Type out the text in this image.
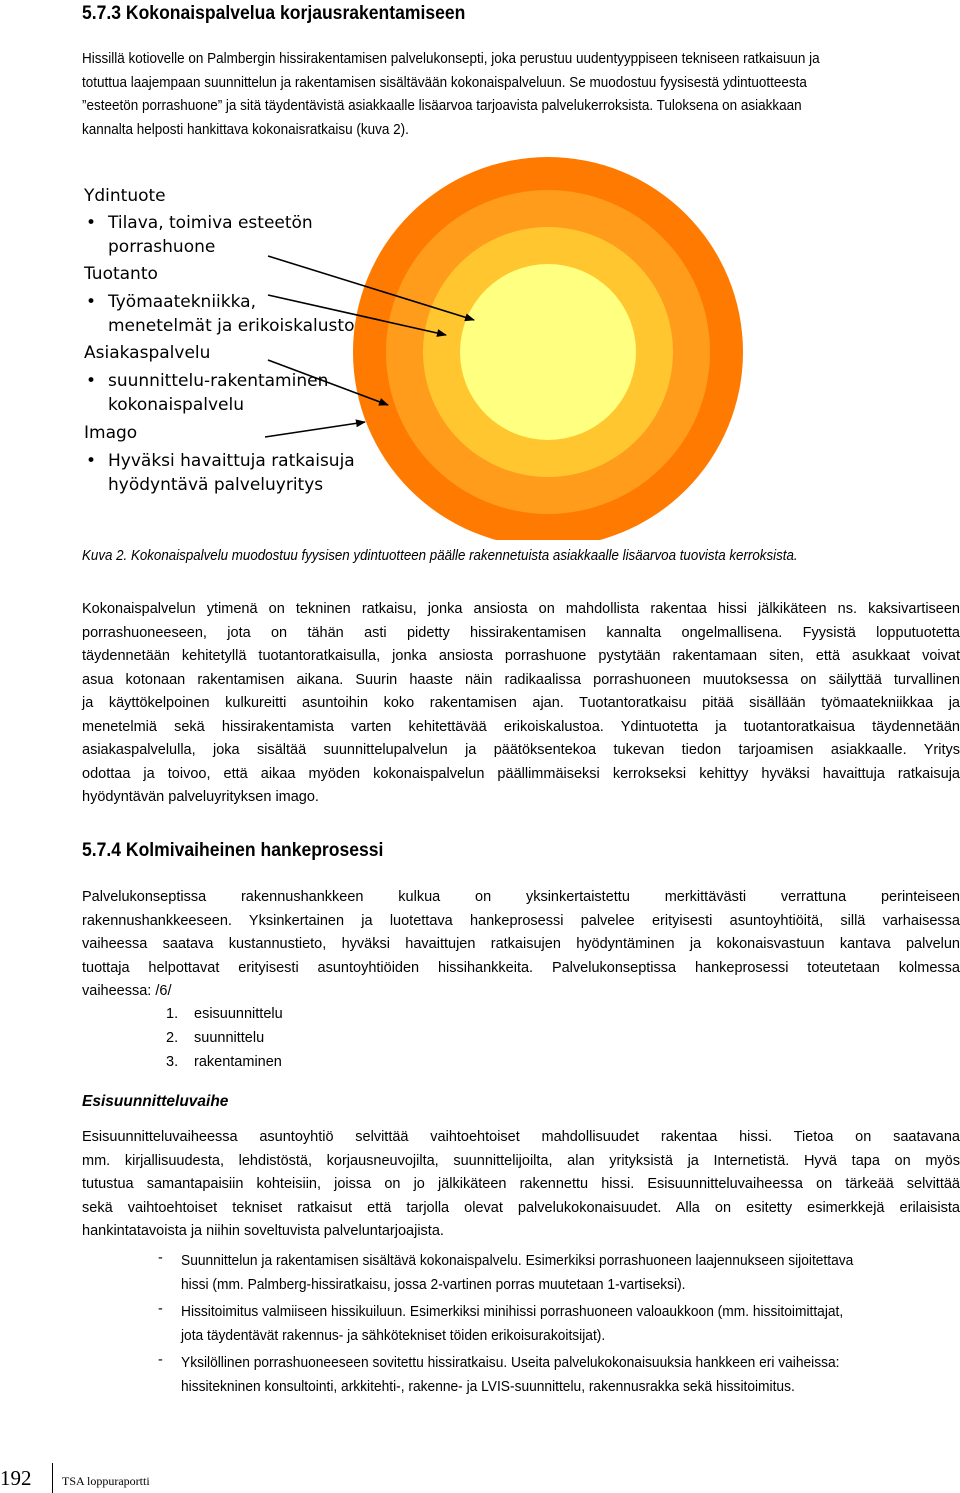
5.7.3 Kokonaispalvelua korjausrakentamiseen
Hissillä kotiovelle on Palmbergin hissirakentamisen palvelukonsepti, joka perustuu uudentyyppiseen tekniseen ratkaisuun ja
totuttua laajempaan suunnittelun ja rakentamisen sisältävään kokonaispalveluun. Se muodostuu fyysisestä ydintuotteesta
”esteetön porrashuone” ja sitä täydentävistä asiakkaalle lisäarvoa tarjoavista palvelukerroksista. Tuloksena on asiakkaan
kannalta helposti hankittava kokonaisratkaisu (kuva 2).
Ydintuote
• Tilava, toimiva esteetön
porrashuone
Tuotanto
• Työmaatekniikka,
menetelmät ja erikoiskalusto
Asiakaspalvelu
• suunnittelu-rakentaminen
kokonaispalvelu
Imago
• Hyväksi havaittuja ratkaisuja
hyödyntävä palveluyritys
Kuva 2. Kokonaispalvelu muodostuu fyysisen ydintuotteen päälle rakennetuista asiakkaalle lisäarvoa tuovista kerroksista.
Kokonaispalvelun ytimenä on tekninen ratkaisu, jonka ansiosta on mahdollista rakentaa hissi jälkikäteen ns. kaksivartiseen
porrashuoneeseen, jota on tähän asti pidetty hissirakentamisen kannalta ongelmallisena. Fyysistä lopputuotetta
täydennetään kehitetyllä tuotantoratkaisulla, jonka ansiosta porrashuone pystytään rakentamaan siten, että asukkaat voivat
asua kotonaan rakentamisen aikana. Suurin haaste näin radikaalissa porrashuoneen muutoksessa on säilyttää turvallinen
ja käyttökelpoinen kulkureitti asuntoihin koko rakentamisen ajan. Tuotantoratkaisu pitää sisällään työmaatekniikkaa ja
menetelmiä sekä hissirakentamista varten kehitettävää erikoiskalustoa. Ydintuotetta ja tuotantoratkaisua täydennetään
asiakaspalvelulla, joka sisältää suunnittelupalvelun ja päätöksentekoa tukevan tiedon tarjoamisen asiakkaalle. Yritys
odottaa ja toivoo, että aikaa myöden kokonaispalvelun päällimmäiseksi kerrokseksi kehittyy hyväksi havaittuja ratkaisuja
hyödyntävän palveluyrityksen imago.
5.7.4 Kolmivaiheinen hankeprosessi
Palvelukonseptissa rakennushankkeen kulkua on yksinkertaistettu merkittävästi verrattuna perinteiseen
rakennushankkeeseen. Yksinkertainen ja luotettava hankeprosessi palvelee erityisesti asuntoyhtiöitä, sillä varhaisessa
vaiheessa saatava kustannustieto, hyväksi havaittujen ratkaisujen hyödyntäminen ja kokonaisvastuun kantava palvelun
tuottaja helpottavat erityisesti asuntoyhtiöiden hissihankkeita. Palvelukonseptissa hankeprosessi toteutetaan kolmessa
vaiheessa: /6/
1. esisuunnittelu
2. suunnittelu
3. rakentaminen
Esisuunnitteluvaihe
Esisuunnitteluvaiheessa asuntoyhtiö selvittää vaihtoehtoiset mahdollisuudet rakentaa hissi. Tietoa on saatavana
mm. kirjallisuudesta, lehdistöstä, korjausneuvojilta, suunnittelijoilta, alan yrityksistä ja Internetistä. Hyvä tapa on myös
tutustua samantapaisiin kohteisiin, joissa on jo jälkikäteen rakennettu hissi. Esisuunnitteluvaiheessa on tärkeää selvittää
sekä vaihtoehtoiset tekniset ratkaisut että tarjolla olevat palvelukokonaisuudet. Alla on esitetty esimerkkejä erilaisista
hankintatavoista ja niihin soveltuvista palveluntarjoajista.
- Suunnittelun ja rakentamisen sisältävä kokonaispalvelu. Esimerkiksi porrashuoneen laajennukseen sijoitettava
hissi (mm. Palmberg-hissiratkaisu, jossa 2-vartinen porras muutetaan 1-vartiseksi).
- Hissitoimitus valmiiseen hissikuiluun. Esimerkiksi minihissi porrashuoneen valoaukkoon (mm. hissitoimittajat,
jota täydentävät rakennus- ja sähkötekniset töiden erikoisurakoitsijat).
- Yksilöllinen porrashuoneeseen sovitettu hissiratkaisu. Useita palvelukokonaisuuksia hankkeen eri vaiheissa:
hissitekninen konsultointi, arkkitehti-, rakenne- ja LVIS-suunnittelu, rakennusrakka sekä hissitoimitus.
192	TSA loppuraportti
